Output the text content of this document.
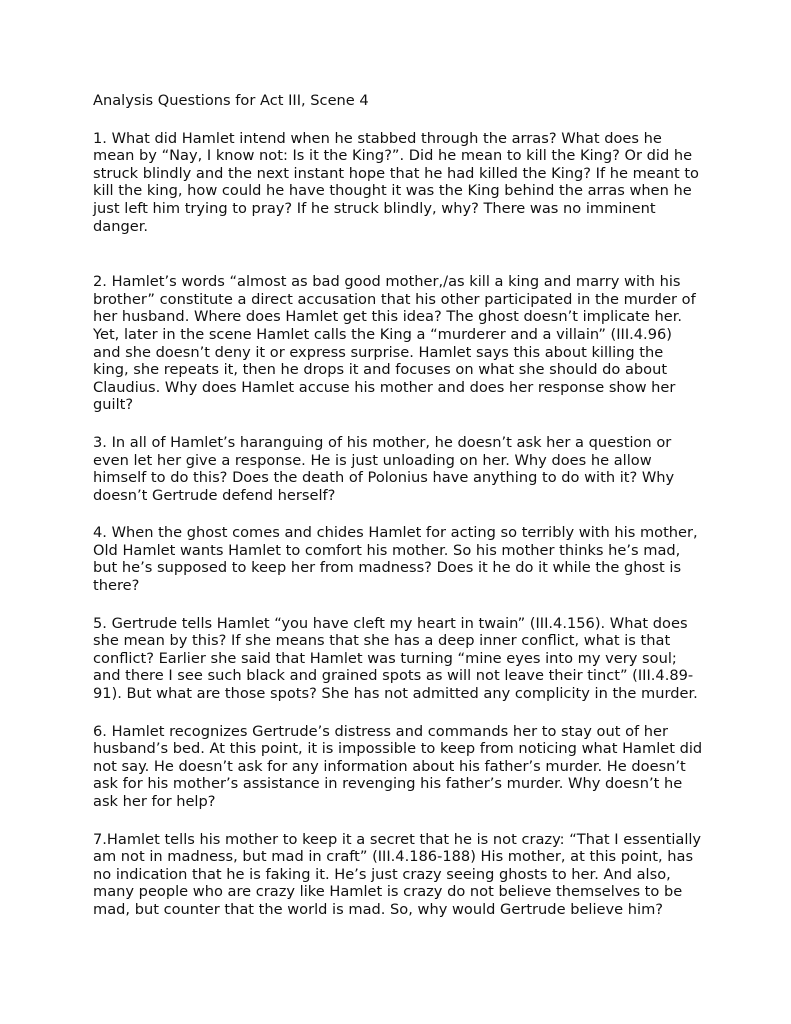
Analysis Questions for Act III, Scene 4

1. What did Hamlet intend when he stabbed through the arras? What does he mean by “Nay, I know not: Is it the King?”. Did he mean to kill the King? Or did he struck blindly and the next instant hope that he had killed the King? If he meant to kill the king, how could he have thought it was the King behind the arras when he just left him trying to pray? If he struck blindly, why? There was no imminent danger.

2. Hamlet’s words “almost as bad good mother,/as kill a king and marry with his brother” constitute a direct accusation that his other participated in the murder of her husband. Where does Hamlet get this idea? The ghost doesn’t implicate her. Yet, later in the scene Hamlet calls the King a “murderer and a villain” (III.4.96) and she doesn’t deny it or express surprise. Hamlet says this about killing the king, she repeats it, then he drops it and focuses on what she should do about Claudius. Why does Hamlet accuse his mother and does her response show her guilt?

3. In all of Hamlet’s haranguing of his mother, he doesn’t ask her a question or even let her give a response. He is just unloading on her. Why does he allow himself to do this? Does the death of Polonius have anything to do with it? Why doesn’t Gertrude defend herself?

4. When the ghost comes and chides Hamlet for acting so terribly with his mother, Old Hamlet wants Hamlet to comfort his mother. So his mother thinks he’s mad, but he’s supposed to keep her from madness? Does it he do it while the ghost is there?

5. Gertrude tells Hamlet “you have cleft my heart in twain” (III.4.156). What does she mean by this? If she means that she has a deep inner conflict, what is that conflict? Earlier she said that Hamlet was turning “mine eyes into my very soul; and there I see such black and grained spots as will not leave their tinct” (III.4.89-91). But what are those spots? She has not admitted any complicity in the murder.

6. Hamlet recognizes Gertrude’s distress and commands her to stay out of her husband’s bed. At this point, it is impossible to keep from noticing what Hamlet did not say. He doesn’t ask for any information about his father’s murder. He doesn’t ask for his mother’s assistance in revenging his father’s murder. Why doesn’t he ask her for help?

7.Hamlet tells his mother to keep it a secret that he is not crazy: “That I essentially am not in madness, but mad in craft” (III.4.186-188) His mother, at this point, has no indication that he is faking it. He’s just crazy seeing ghosts to her. And also, many people who are crazy like Hamlet is crazy do not believe themselves to be mad, but counter that the world is mad. So, why would Gertrude believe him?
